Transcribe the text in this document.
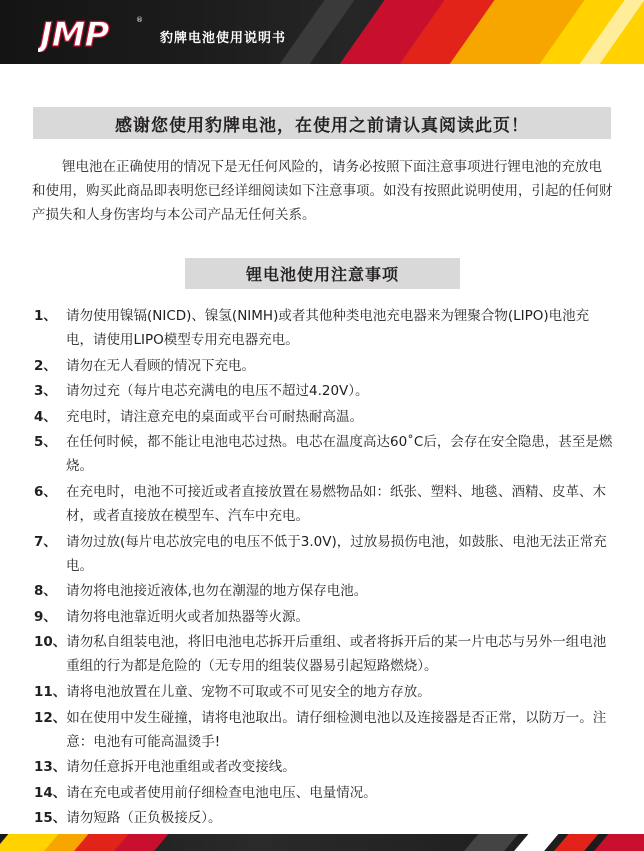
JMP	®
豹牌电池使用说明书
感谢您使用豹牌电池，在使用之前请认真阅读此页！

锂电池在正确使用的情况下是无任何风险的，请务必按照下面注意事项进行锂电池的充放电和使用，购买此商品即表明您已经详细阅读如下注意事项。如没有按照此说明使用，引起的任何财产损失和人身伤害均与本公司产品无任何关系。

锂电池使用注意事项
1、 请勿使用镍镉(NICD)、镍氢(NIMH)或者其他种类电池充电器来为锂聚合物(LIPO)电池充电，请使用LIPO模型专用充电器充电。
2、 请勿在无人看顾的情况下充电。
3、 请勿过充（每片电芯充满电的电压不超过4.20V）。
4、 充电时，请注意充电的桌面或平台可耐热耐高温。
5、 在任何时候，都不能让电池电芯过热。电芯在温度高达60˚C后，会存在安全隐患，甚至是燃烧。
6、 在充电时，电池不可接近或者直接放置在易燃物品如：纸张、塑料、地毯、酒精、皮革、木材，或者直接放在模型车、汽车中充电。
7、 请勿过放(每片电芯放完电的电压不低于3.0V)，过放易损伤电池，如鼓胀、电池无法正常充电。
8、 请勿将电池接近液体,也勿在潮湿的地方保存电池。
9、 请勿将电池靠近明火或者加热器等火源。
10、 请勿私自组装电池，将旧电池电芯拆开后重组、或者将拆开后的某一片电芯与另外一组电池重组的行为都是危险的（无专用的组装仪器易引起短路燃烧）。
11、 请将电池放置在儿童、宠物不可取或不可见安全的地方存放。
12、 如在使用中发生碰撞，请将电池取出。请仔细检测电池以及连接器是否正常，以防万一。注意：电池有可能高温烫手!
13、 请勿任意拆开电池重组或者改变接线。
14、 请在充电或者使用前仔细检查电池电压、电量情况。
15、 请勿短路（正负极接反）。
